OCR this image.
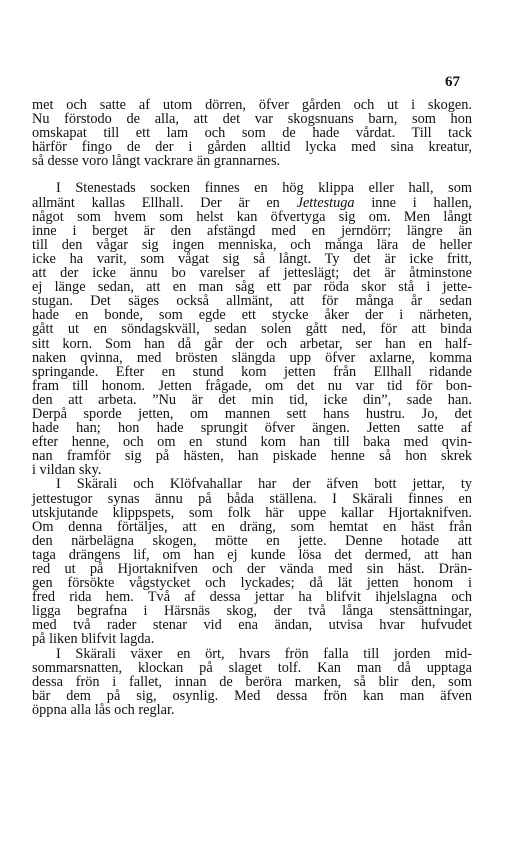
67
met och satte af utom dörren, öfver gården och ut i skogen.
Nu förstodo de alla, att det var skogsnuans barn, som hon
omskapat till ett lam och som de hade vårdat. Till tack
härför fingo de der i gården alltid lycka med sina kreatur,
så desse voro långt vackrare än grannarnes.
I Stenestads socken finnes en hög klippa eller hall, som
allmänt kallas Ellhall. Der är en Jettestuga inne i hallen,
något som hvem som helst kan öfvertyga sig om. Men långt
inne i berget är den afstängd med en jerndörr; längre än
till den vågar sig ingen menniska, och många lära de heller
icke ha varit, som vågat sig så långt. Ty det är icke fritt,
att der icke ännu bo varelser af jetteslägt; det är åtminstone
ej länge sedan, att en man såg ett par röda skor stå i jette-
stugan. Det säges också allmänt, att för många år sedan
hade en bonde, som egde ett stycke åker der i närheten,
gått ut en söndagskväll, sedan solen gått ned, för att binda
sitt korn. Som han då går der och arbetar, ser han en half-
naken qvinna, med brösten slängda upp öfver axlarne, komma
springande. Efter en stund kom jetten från Ellhall ridande
fram till honom. Jetten frågade, om det nu var tid för bon-
den att arbeta. ”Nu är det min tid, icke din”, sade han.
Derpå sporde jetten, om mannen sett hans hustru. Jo, det
hade han; hon hade sprungit öfver ängen. Jetten satte af
efter henne, och om en stund kom han till baka med qvin-
nan framför sig på hästen, han piskade henne så hon skrek
i vildan sky.
I Skärali och Klöfvahallar har der äfven bott jettar, ty
jettestugor synas ännu på båda ställena. I Skärali finnes en
utskjutande klippspets, som folk här uppe kallar Hjortaknifven.
Om denna förtäljes, att en dräng, som hemtat en häst från
den närbelägna skogen, mötte en jette. Denne hotade att
taga drängens lif, om han ej kunde lösa det dermed, att han
red ut på Hjortaknifven och der vända med sin häst. Drän-
gen försökte vågstycket och lyckades; då lät jetten honom i
fred rida hem. Två af dessa jettar ha blifvit ihjelslagna och
ligga begrafna i Härsnäs skog, der två långa stensättningar,
med två rader stenar vid ena ändan, utvisa hvar hufvudet
på liken blifvit lagda.
I Skärali växer en ört, hvars frön falla till jorden mid-
sommarsnatten, klockan på slaget tolf. Kan man då upptaga
dessa frön i fallet, innan de berörа marken, så blir den, som
bär dem på sig, osynlig. Med dessa frön kan man äfven
öppna alla lås och reglar.
